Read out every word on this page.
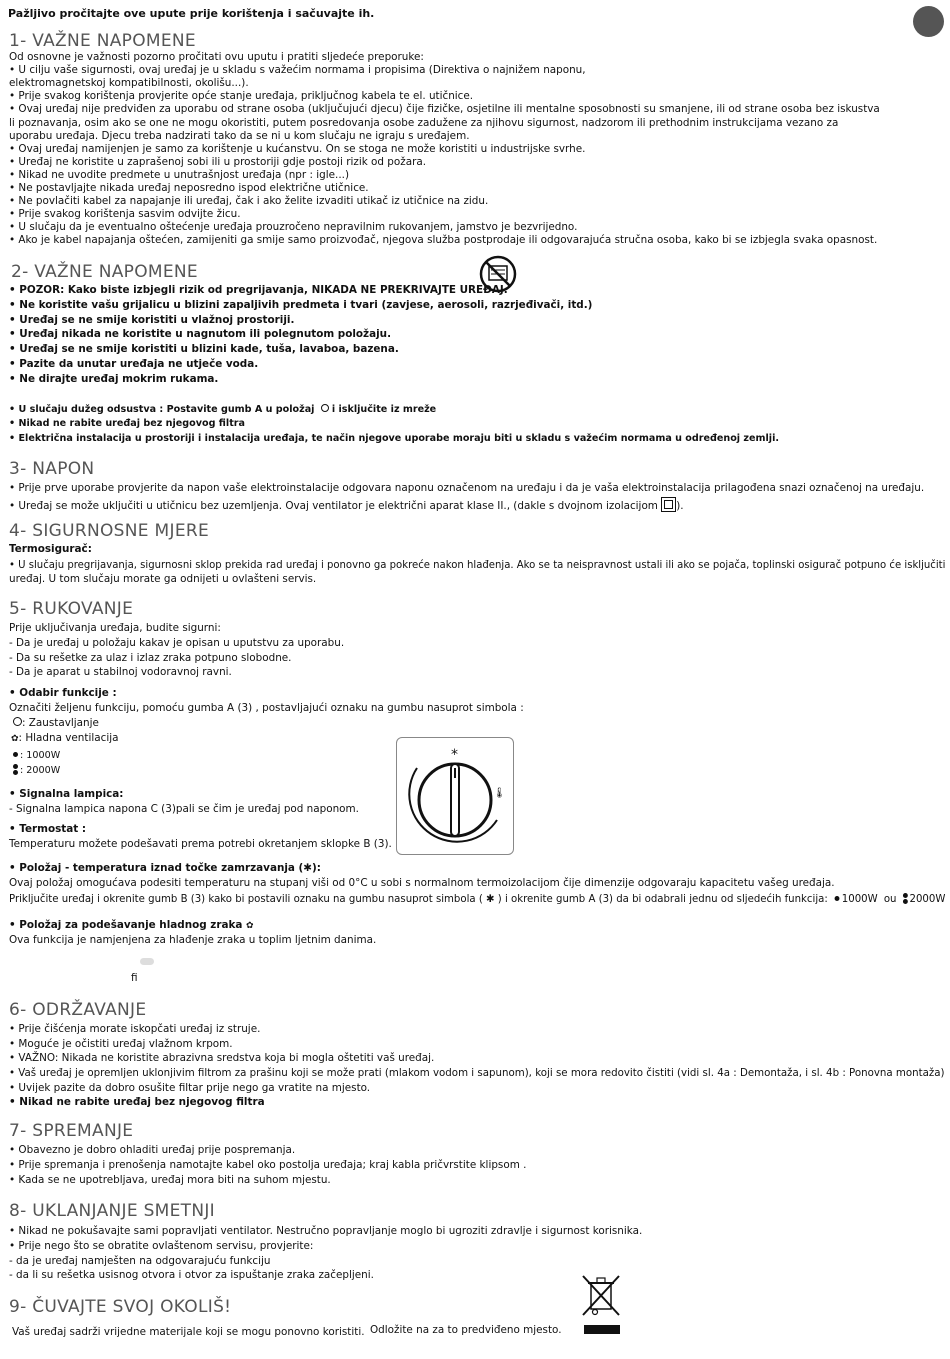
Pažljivo pročitajte ove upute prije korištenja i sačuvajte ih.
1- VAŽNE NAPOMENE
Od osnovne je važnosti pozorno pročitati ovu uputu i pratiti sljedeće preporuke:
• U cilju vaše sigurnosti, ovaj uređaj je u skladu s važećim normama i propisima (Direktiva o najnižem naponu,
elektromagnetskoj kompatibilnosti, okolišu...).
• Prije svakog korištenja provjerite opće stanje uređaja, priključnog kabela te el. utičnice.
• Ovaj uređaj nije predviđen za uporabu od strane osoba (uključujući djecu) čije fizičke, osjetilne ili mentalne sposobnosti su smanjene, ili od strane osoba bez iskustva
li poznavanja, osim ako se one ne mogu okoristiti, putem posredovanja osobe zadužene za njihovu sigurnost, nadzorom ili prethodnim instrukcijama vezano za
uporabu uređaja. Djecu treba nadzirati tako da se ni u kom slučaju ne igraju s uređajem.
• Ovaj uređaj namijenjen je samo za korištenje u kućanstvu. On se stoga ne može koristiti u industrijske svrhe.
• Uređaj ne koristite u zaprašenoj sobi ili u prostoriji gdje postoji rizik od požara.
• Nikad ne uvodite predmete u unutrašnjost uređaja (npr : igle...)
• Ne postavljajte nikada uređaj neposredno ispod električne utičnice.
• Ne povlačiti kabel za napajanje ili uređaj, čak i ako želite izvaditi utikač iz utičnice na zidu.
• Prije svakog korištenja sasvim odvijte žicu.
• U slučaju da je eventualno oštećenje uređaja prouzročeno nepravilnim rukovanjem, jamstvo je bezvrijedno.
• Ako je kabel napajanja oštećen, zamijeniti ga smije samo proizvođač, njegova služba postprodaje ili odgovarajuća stručna osoba, kako bi se izbjegla svaka opasnost.
2- VAŽNE NAPOMENE
• POZOR: Kako biste izbjegli rizik od pregrijavanja, NIKADA NE PREKRIVAJTE UREĐAJ.
• Ne koristite vašu grijalicu u blizini zapaljivih predmeta i tvari (zavjese, aerosoli, razrjeđivači, itd.)
• Uređaj se ne smije koristiti u vlažnoj prostoriji.
• Uređaj nikada ne koristite u nagnutom ili polegnutom položaju.
• Uređaj se ne smije koristiti u blizini kade, tuša, lavaboa, bazena.
• Pazite da unutar uređaja ne utječe voda.
• Ne dirajte uređaj mokrim rukama.
• U slučaju dužeg odsustva : Postavite gumb A u položaj i isključite iz mreže
• Nikad ne rabite uređaj bez njegovog filtra
• Električna instalacija u prostoriji i instalacija uređaja, te način njegove uporabe moraju biti u skladu s važećim normama u određenoj zemlji.
3- NAPON
• Prije prve uporabe provjerite da napon vaše elektroinstalacije odgovara naponu označenom na uređaju i da je vaša elektroinstalacija prilagođena snazi označenoj na uređaju.
• Uređaj se može uključiti u utičnicu bez uzemljenja. Ovaj ventilator je električni aparat klase II., (dakle s dvojnom izolacijom ).
4- SIGURNOSNE MJERE
Termosigurač:
• U slučaju pregrijavanja, sigurnosni sklop prekida rad uređaj i ponovno ga pokreće nakon hlađenja. Ako se ta neispravnost ustali ili ako se pojača, toplinski osigurač potpuno će isključiti
uređaj. U tom slučaju morate ga odnijeti u ovlašteni servis.
5- RUKOVANJE
Prije uključivanja uređaja, budite sigurni:
- Da je uređaj u položaju kakav je opisan u uputstvu za uporabu.
- Da su rešetke za ulaz i izlaz zraka potpuno slobodne.
- Da je aparat u stabilnoj vodoravnoj ravni.
• Odabir funkcije :
Označiti željenu funkciju, pomoću gumba A (3) , postavljajući oznaku na gumbu nasuprot simbola :
: Zaustavljanje
✿: Hladna ventilacija
: 1000W
: 2000W
*
🌡
• Signalna lampica:
- Signalna lampica napona C (3)pali se čim je uređaj pod naponom.
• Termostat :
Temperaturu možete podešavati prema potrebi okretanjem sklopke B (3).
• Položaj - temperatura iznad točke zamrzavanja (✱):
Ovaj položaj omogućava podesiti temperaturu na stupanj viši od 0°C u sobi s normalnom termoizolacijom čije dimenzije odgovaraju kapacitetu vašeg uređaja.
Priključite uređaj i okrenite gumb B (3) kako bi postavili oznaku na gumbu nasuprot simbola ( ✱ ) i okrenite gumb A (3) da bi odabrali jednu od sljedećih funkcija: 1000W ou 2000W
• Položaj za podešavanje hladnog zraka ✿
Ova funkcija je namjenjena za hlađenje zraka u toplim ljetnim danima.
ﬁ
6- ODRŽAVANJE
• Prije čišćenja morate iskopčati uređaj iz struje.
• Moguće je očistiti uređaj vlažnom krpom.
• VAŽNO: Nikada ne koristite abrazivna sredstva koja bi mogla oštetiti vaš uređaj.
• Vaš uređaj je opremljen uklonjivim filtrom za prašinu koji se može prati (mlakom vodom i sapunom), koji se mora redovito čistiti (vidi sl. 4a : Demontaža, i sl. 4b : Ponovna montaža)
• Uvijek pazite da dobro osušite filtar prije nego ga vratite na mjesto.
• Nikad ne rabite uređaj bez njegovog filtra
7- SPREMANJE
• Obavezno je dobro ohladiti uređaj prije pospremanja.
• Prije spremanja i prenošenja namotajte kabel oko postolja uređaja; kraj kabla pričvrstite klipsom .
• Kada se ne upotrebljava, uređaj mora biti na suhom mjestu.
8- UKLANJANJE SMETNJI
• Nikad ne pokušavajte sami popravljati ventilator. Nestručno popravljanje moglo bi ugroziti zdravlje i sigurnost korisnika.
• Prije nego što se obratite ovlaštenom servisu, provjerite:
- da je uređaj namješten na odgovarajuću funkciju
- da li su rešetka usisnog otvora i otvor za ispuštanje zraka začepljeni.
9- ČUVAJTE SVOJ OKOLIŠ!
Vaš uređaj sadrži vrijedne materijale koji se mogu ponovno koristiti. Odložite na za to predviđeno mjesto.
